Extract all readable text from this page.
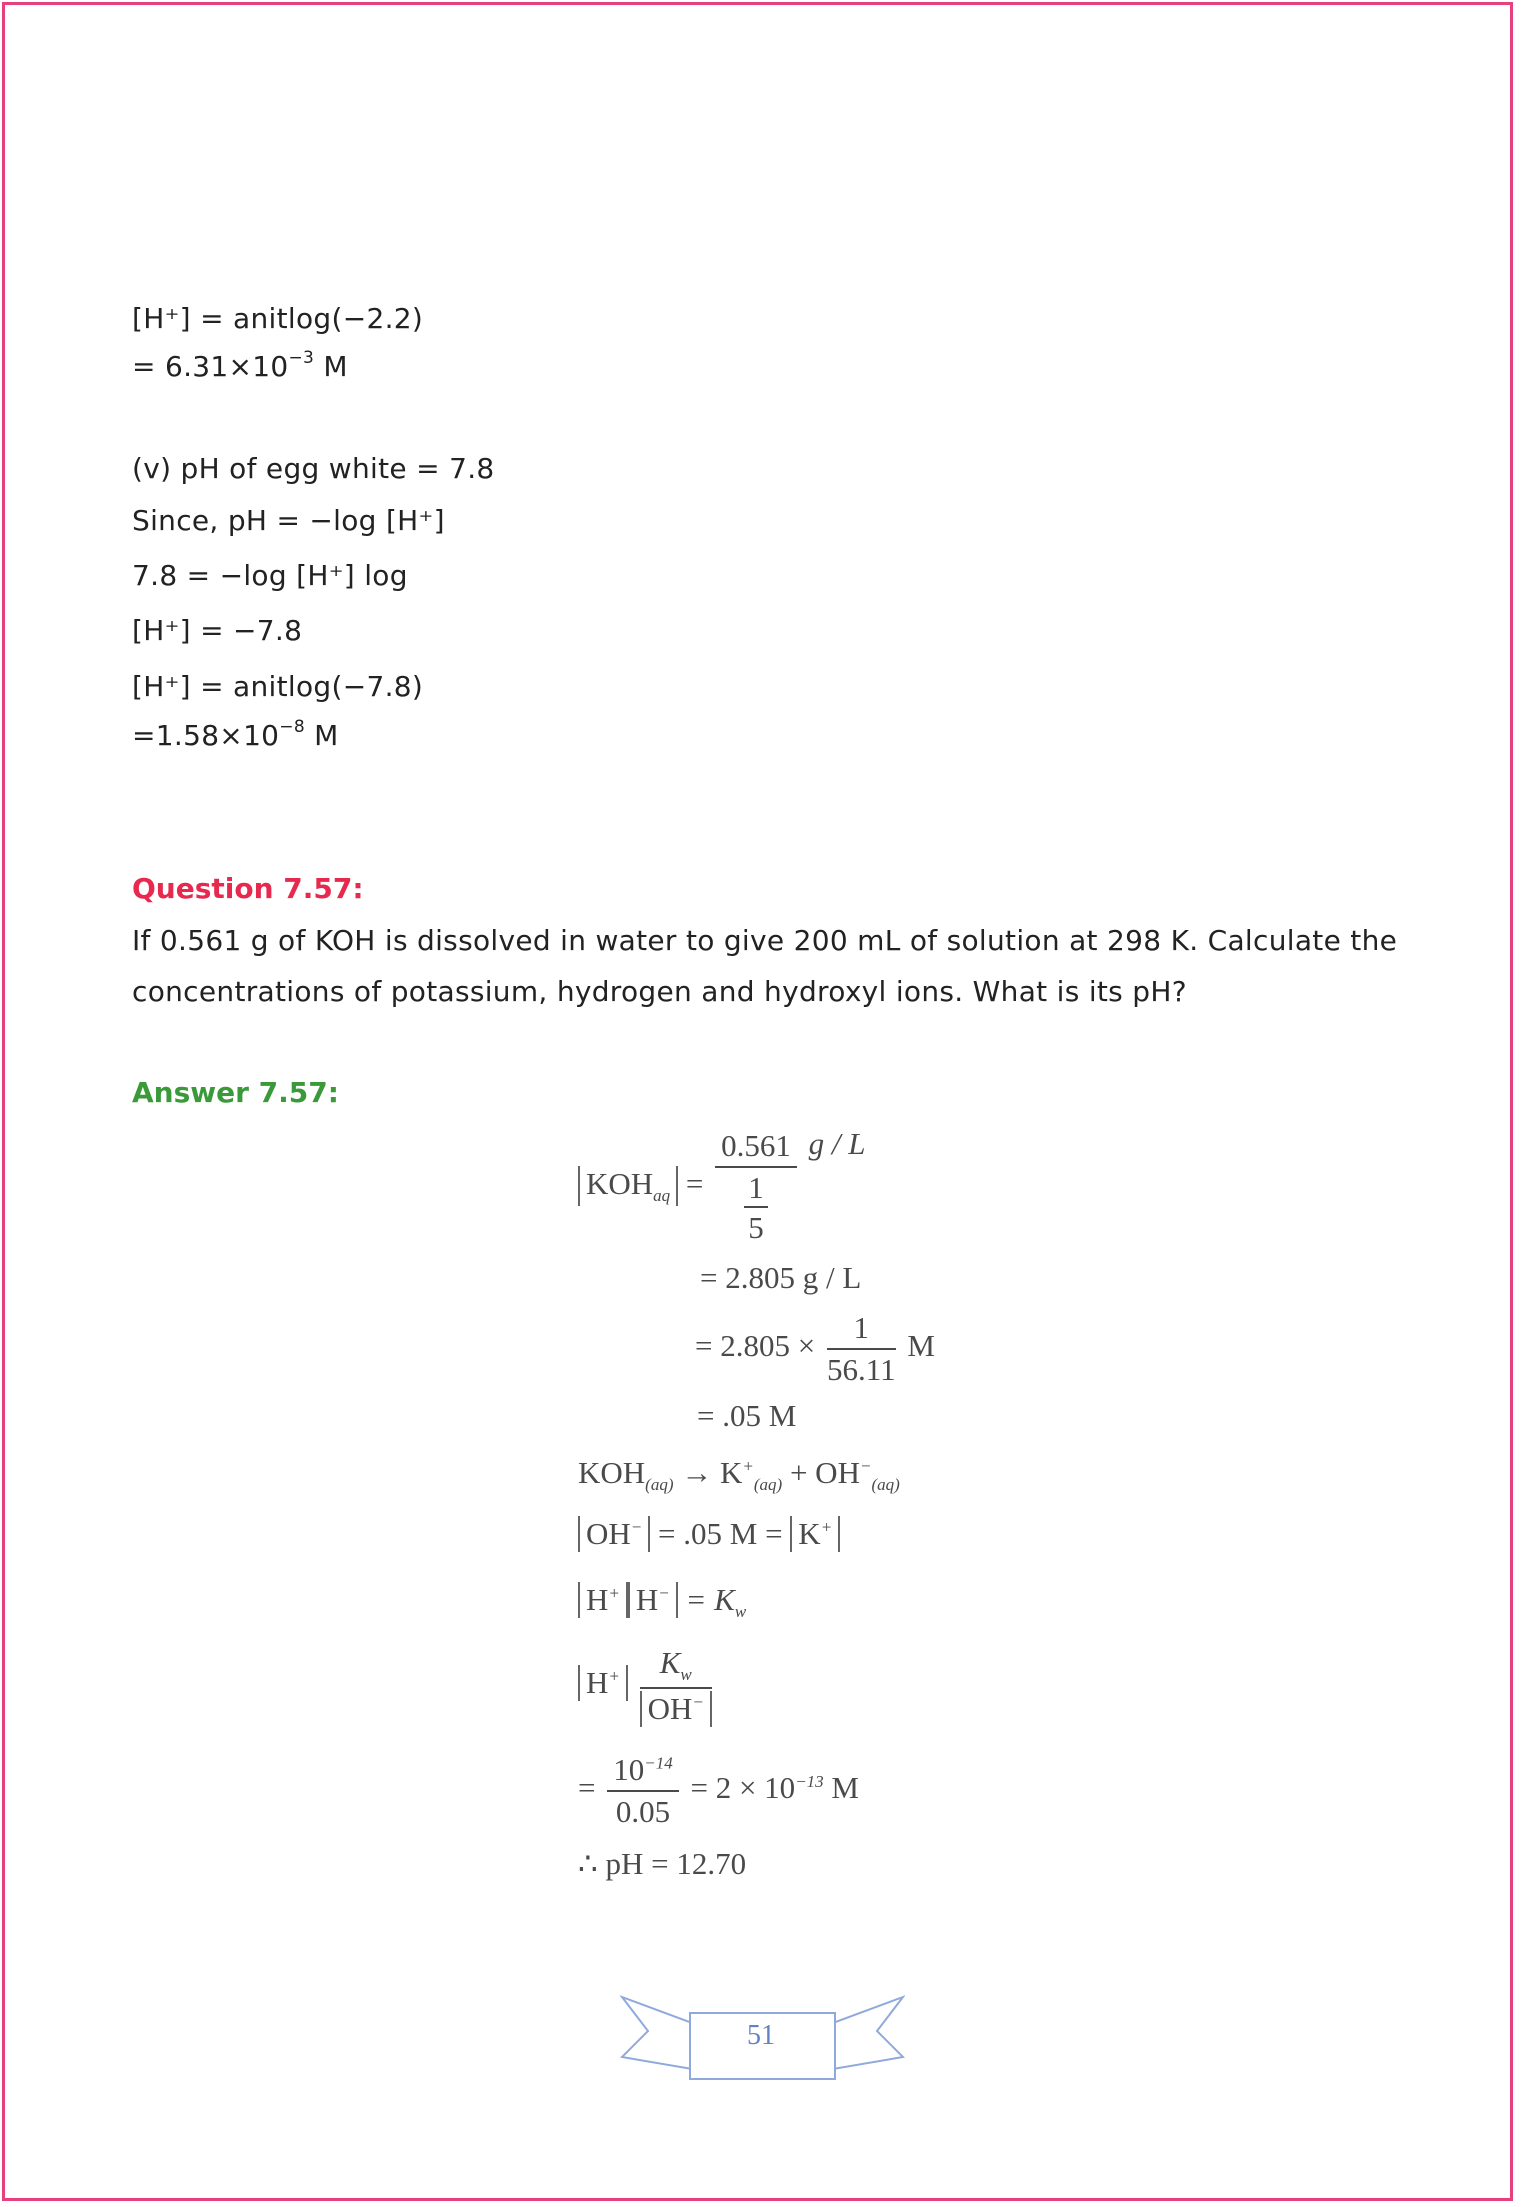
[H⁺] = anitlog(−2.2)
= $6.31\times 10^{-3}$ M
(v) pH of egg white = 7.8
Since, pH = −log [H⁺]
7.8 = −log [H⁺] log
[H⁺] = −7.8
[H⁺] = anitlog(−7.8)
$=1.58\times 10^{-8}$ M
Question 7.57:
If 0.561 g of KOH is dissolved in water to give 200 mL of solution at 298 K. Calculate the concentrations of potassium, hydrogen and hydroxyl ions. What is its pH?
Answer 7.57:
$KOH_{aq} = \frac{0.561}{\frac{1}{5}}$ g / L
= 2.805 g / L
= $2.805 \times \frac{1}{56.11}$ M
= .05 M
$KOH_{(aq)} \to K^+_{(aq)} + OH^-_{(aq)}$
OH− = .05 M = K+
H+ $H^- = K_w$
$H^+ \frac{K_w}{OH^-}$
= $\frac{10^{-14}}{0.05} = 2 \times 10^{-13}$ M
∴ pH = 12.70
51
